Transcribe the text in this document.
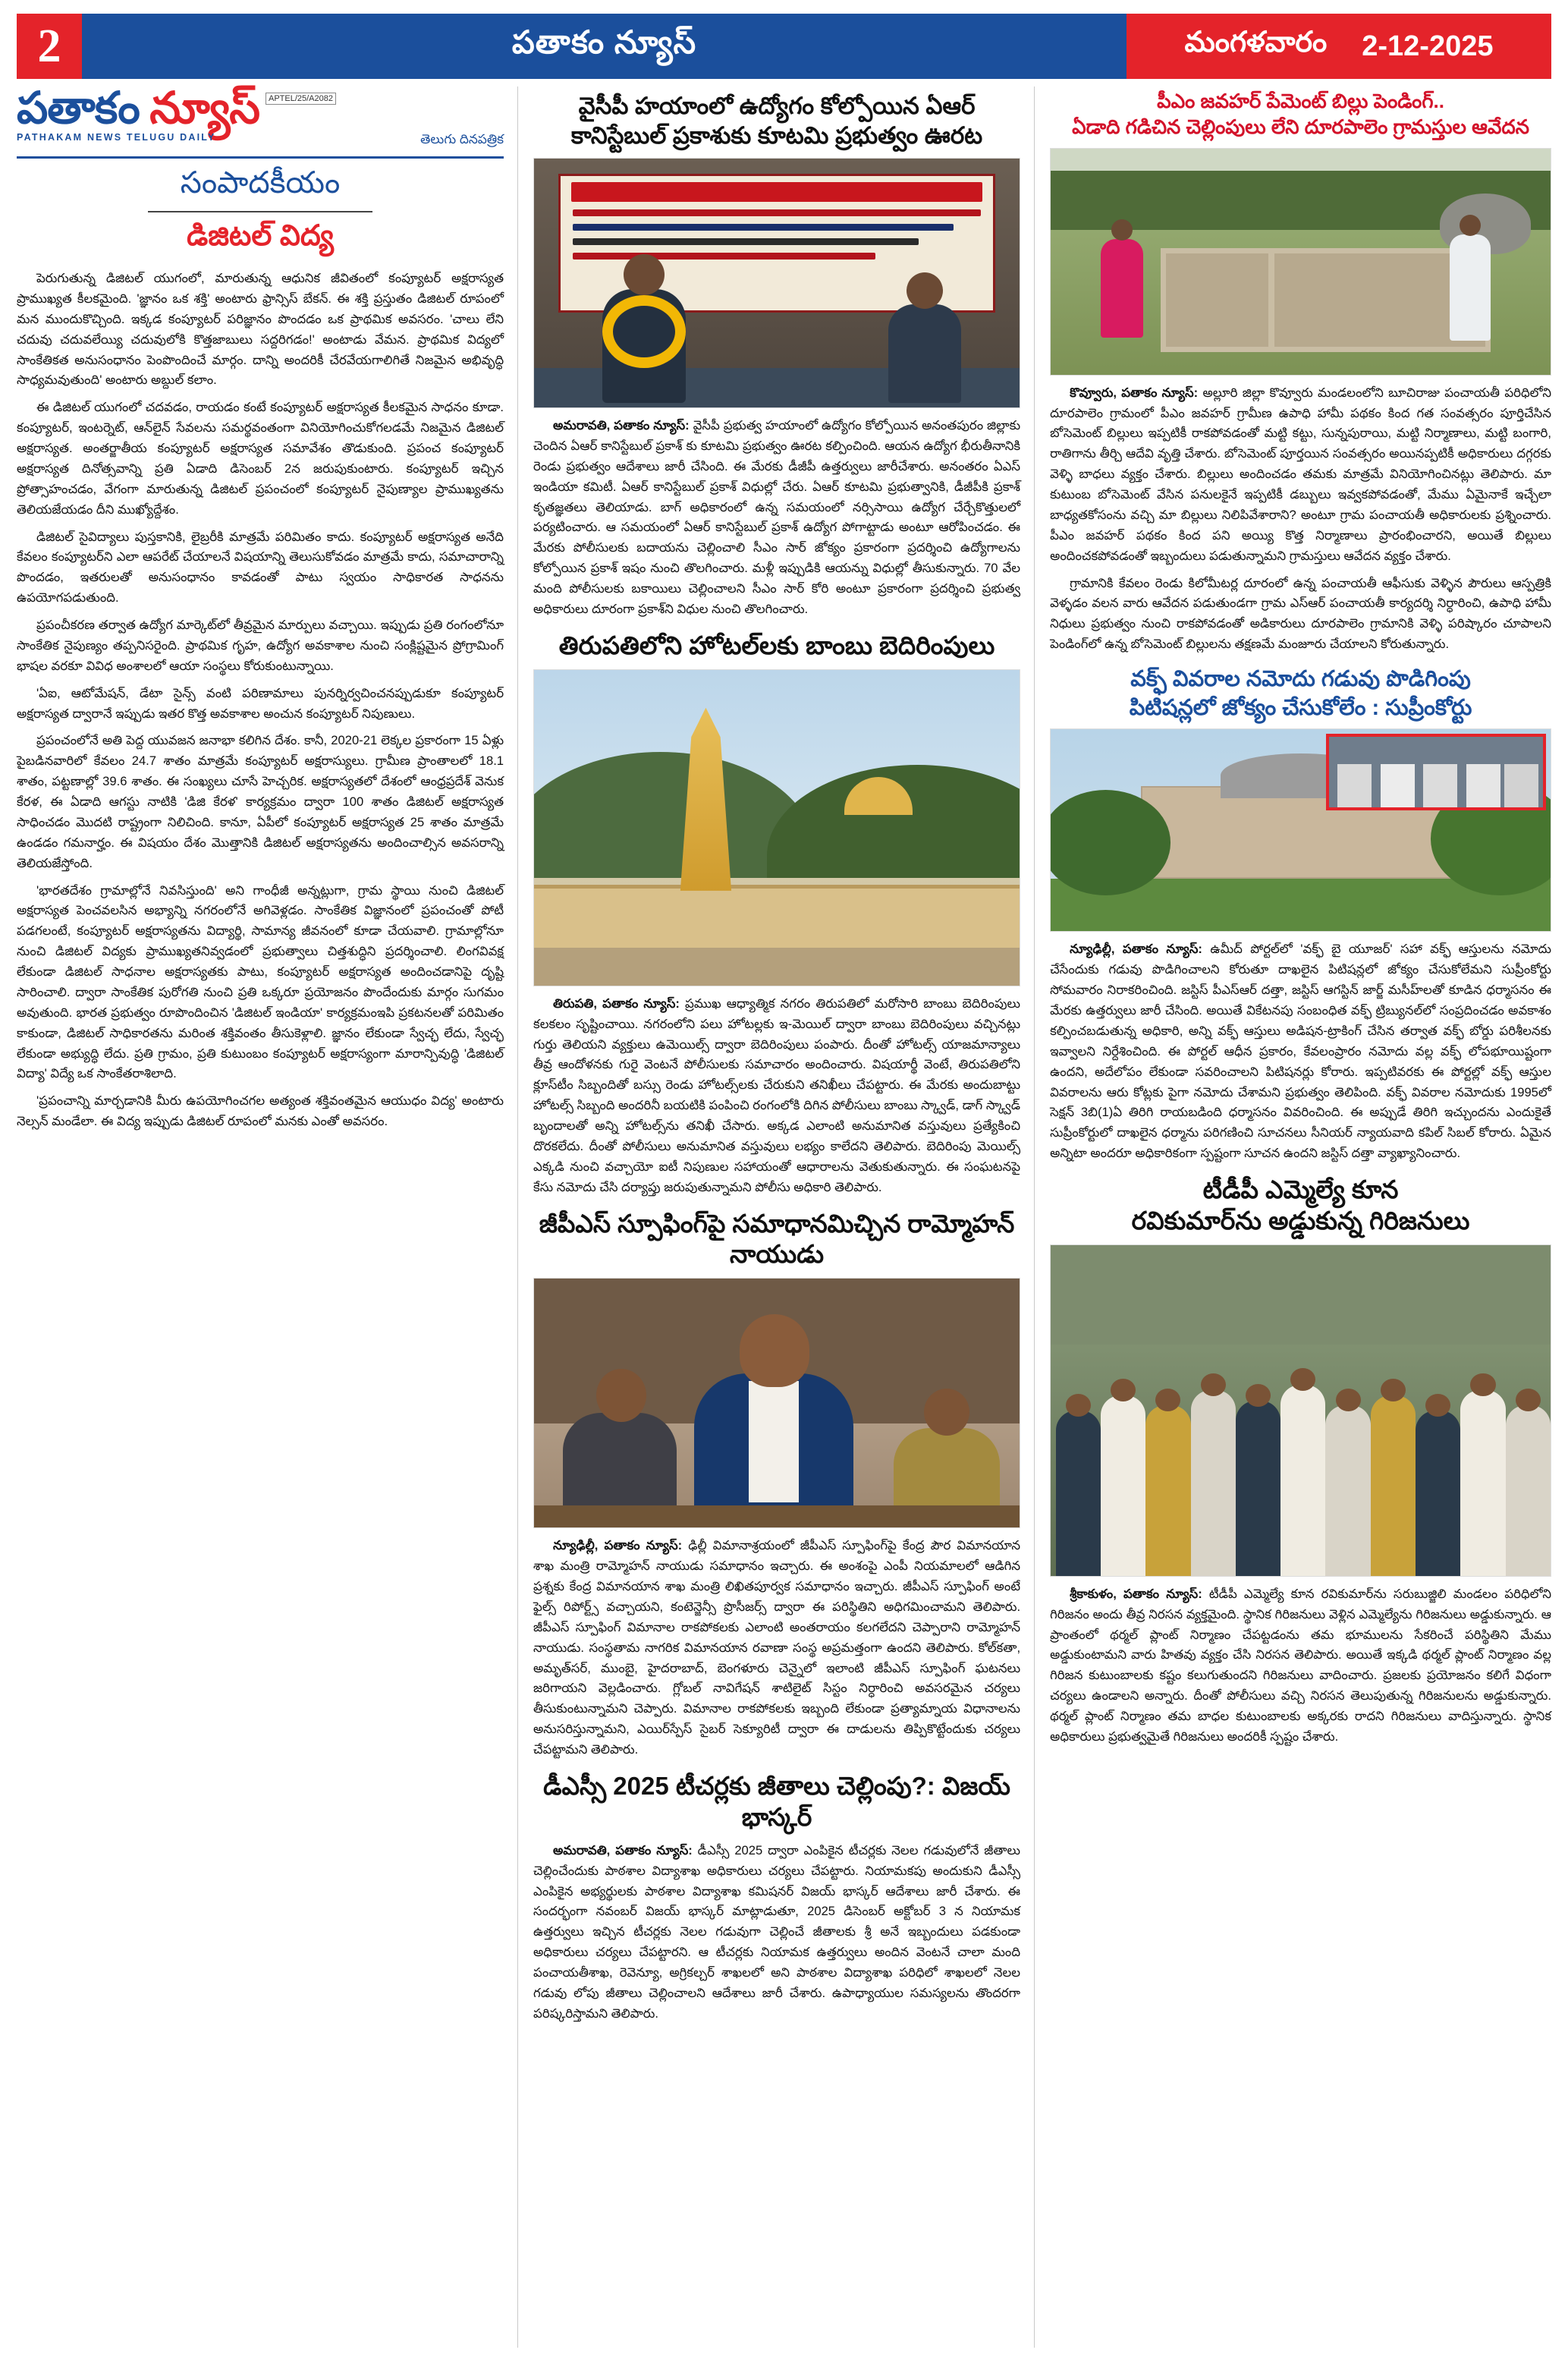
2	పతాకం న్యూస్	మంగళవారం 2-12-2025
పతాకం న్యూస్	APTEL/25/A2082
PATHAKAM NEWS TELUGU DAILY	తెలుగు దినపత్రిక
సంపాదకీయం
డిజిటల్ విద్య

పెరుగుతున్న డిజిటల్ యుగంలో, మారుతున్న ఆధునిక జీవితంలో కంప్యూటర్ అక్షరాస్యత ప్రాముఖ్యత కీలకమైంది. 'జ్ఞానం ఒక శక్తి' అంటారు ఫ్రాన్సిస్ బేకన్. ఈ శక్తి ప్రస్తుతం డిజిటల్ రూపంలో మన ముందుకొచ్చింది. ఇక్కడ కంప్యూటర్ పరిజ్ఞానం పొందడం ఒక ప్రాథమిక అవసరం. 'చాలు లేని చదువు చదువలేయ్యి చదువులోకి కొత్తజాబులు సద్దరిగడం!' అంటాడు వేమన. ప్రాథమిక విద్యలో సాంకేతికత అనుసంధానం పెంపొందించే మార్గం. దాన్ని అందరికీ చేరవేయగాలిగితే నిజమైన అభివృద్ధి సాధ్యమవుతుంది' అంటారు అబ్దుల్ కలాం.

ఈ డిజిటల్ యుగంలో చదవడం, రాయడం కంటే కంప్యూటర్ అక్షరాస్యత కీలకమైన సాధనం కూడా. కంప్యూటర్, ఇంటర్నెట్, ఆన్‌లైన్ సేవలను సమర్థవంతంగా వినియోగించుకోగలడమే నిజమైన డిజిటల్ అక్షరాస్యత. అంతర్జాతీయ కంప్యూటర్ అక్షరాస్యత సమావేశం తొడుకుంది. ప్రపంచ కంప్యూటర్ అక్షరాస్యత దినోత్సవాన్ని ప్రతి ఏడాది డిసెంబర్ 2న జరుపుకుంటారు. కంప్యూటర్ ఇచ్చిన ప్రోత్సాహంచడం, వేగంగా మారుతున్న డిజిటల్ ప్రపంచంలో కంప్యూటర్ నైపుణ్యాల ప్రాముఖ్యతను తెలియజేయడం దీని ముఖ్యోద్దేశం.

డిజిటల్ సైవిద్యాలు పుస్తకానికి, లైబ్రరీకి మాత్రమే పరిమితం కాదు. కంప్యూటర్ అక్షరాస్యత అనేది కేవలం కంప్యూటర్‌ని ఎలా ఆపరేట్ చేయాలనే విషయాన్ని తెలుసుకోవడం మాత్రమే కాదు, సమాచారాన్ని పొందడం, ఇతరులతో అనుసంధానం కావడంతో పాటు స్వయం సాధికారత సాధనను ఉపయోగపడుతుంది.

ప్రపంచీకరణ తర్వాత ఉద్యోగ మార్కెట్‌లో తీవ్రమైన మార్పులు వచ్చాయి. ఇప్పుడు ప్రతి రంగంలోనూ సాంకేతిక నైపుణ్యం తప్పనిసరైంది. ప్రాథమిక గృహ, ఉద్యోగ అవకాశాల నుంచి సంక్లిష్టమైన ప్రోగ్రామింగ్ భాషల వరకూ వివిధ అంశాలలో ఆయా సంస్థలు కోరుకుంటున్నాయి.

'ఏఐ, ఆటోమేషన్, డేటా సైన్స్ వంటి పరిణామాలు పునర్నిర్వచించనప్పుడుకూ కంప్యూటర్ అక్షరాస్యత ద్వారానే ఇప్పుడు ఇతర కొత్త అవకాశాల అంచున కంప్యూటర్ నిపుణులు.

ప్రపంచంలోనే అతి పెద్ద యువజన జనాభా కలిగిన దేశం. కానీ, 2020-21 లెక్కల ప్రకారంగా 15 ఏళ్లు పైబడినవారిలో కేవలం 24.7 శాతం మాత్రమే కంప్యూటర్ అక్షరాస్యులు. గ్రామీణ ప్రాంతాలలో 18.1 శాతం, పట్టణాల్లో 39.6 శాతం. ఈ సంఖ్యలు చూసే హెచ్చరిక. అక్షరాస్యతలో దేశంలో ఆంధ్రప్రదేశ్ వెనుక కేరళ, ఈ ఏడాది ఆగస్టు నాటికి 'డిజి కేరళ' కార్యక్రమం ద్వారా 100 శాతం డిజిటల్ అక్షరాస్యత సాధించడం మొదటి రాష్ట్రంగా నిలిచింది. కానూ, ఏపీలో కంప్యూటర్ అక్షరాస్యత 25 శాతం మాత్రమే ఉండడం గమనార్హం. ఈ విషయం దేశం మొత్తానికి డిజిటల్ అక్షరాస్యతను అందించాల్సిన అవసరాన్ని తెలియజేస్తోంది.

'భారతదేశం గ్రామాల్లోనే నివసిస్తుంది' అని గాంధీజీ అన్నట్లుగా, గ్రామ స్థాయి నుంచి డిజిటల్ అక్షరాస్యత పెంచవలసిన అభ్యాన్ని నగరంలోనే అగివెళ్లడం. సాంకేతిక విజ్ఞానంలో ప్రపంచంతో పోటీ పడగలంటే, కంప్యూటర్ అక్షరాస్యతను విద్యార్థి, సామాన్య జీవనంలో కూడా చేయవాలి. గ్రామాల్లోనూ నుంచి డిజిటల్ విద్యకు ప్రాముఖ్యతనివ్వడంలో ప్రభుత్వాలు చిత్తశుద్ధిని ప్రదర్శించాలి. లింగవివక్ష లేకుండా డిజిటల్ సాధనాల అక్షరాస్యతకు పాటు, కంప్యూటర్ అక్షరాస్యత అందించడానిపై దృష్టి సారించాలి. ద్వారా సాంకేతిక పురోగతి నుంచి ప్రతి ఒక్కరూ ప్రయోజనం పొందేందుకు మార్గం సుగమం అవుతుంది. భారత ప్రభుత్వం రూపొందించిన 'డిజిటల్ ఇండియా' కార్యక్రమంఇపి ప్రకటనలతో పరిమితం కాకుండా, డిజిటల్ సాధికారతను మరింత శక్తివంతం తీసుకెళ్లాలి. జ్ఞానం లేకుండా స్వేచ్ఛ లేదు, స్వేచ్ఛ లేకుండా అభ్యుద్ధి లేదు. ప్రతి గ్రామం, ప్రతి కుటుంబం కంప్యూటర్ అక్షరాస్యంగా మారాన్పివుద్ధి 'డిజిటల్ విద్యా' విద్యే ఒక సాంకేతరాశిలాది.

'ప్రపంచాన్ని మార్చడానికి మీరు ఉపయోగించగల అత్యంత శక్తివంతమైన ఆయుధం విద్య' అంటారు నెల్సన్ మండేలా. ఈ విద్య ఇప్పుడు డిజిటల్ రూపంలో మనకు ఎంతో అవసరం.

వైసీపీ హయాంలో ఉద్యోగం కోల్పోయిన ఏఆర్ కానిస్టేబుల్ ప్రకాశుకు కూటమి ప్రభుత్వం ఊరట

అమరావతి, పతాకం న్యూస్: వైసీపీ ప్రభుత్వ హయాంలో ఉద్యోగం కోల్పోయిన అనంతపురం జిల్లాకు చెందిన ఏఆర్ కానిస్టేబుల్ ప్రకాశ్ కు కూటమి ప్రభుత్వం ఊరట కల్పించింది. ఆయన ఉద్యోగ భీరుతీనానికి రెండు ప్రభుత్వం ఆదేశాలు జారీ చేసింది. ఈ మేరకు డీజీపీ ఉత్తర్వులు జారీచేశారు. అనంతరం ఏఎస్ ఇండియా కమిటీ. ఏఆర్ కానిస్టేబుల్ ప్రకాశ్ విధుల్లో చేరు. ఏఆర్ కూటమి ప్రభుత్వానికి, డీజీపీకి ప్రకాశ్ కృతజ్ఞతలు తెలియాడు. బాగ్ అధికారంలో ఉన్న సమయంలో నర్సిసాయి ఉద్యోగ చేర్చేకొత్తులలో పర్యటించారు. ఆ సమయంలో ఏఆర్ కానిస్టేబుల్ ప్రకాశ్ ఉద్యోగ పోగాట్టాడు అంటూ ఆరోపించడం. ఈ మేరకు పోలీసులకు బదాయను చెల్లించాలి సీఎం సార్ జోక్యం ప్రకారంగా ప్రదర్శించి ఉద్యోగాలను కోల్పోయిన ప్రకాశ్ ఇషం నుంచి తొలగించారు. మళ్లీ ఇప్పుడికి ఆయన్ను విధుల్లో తీసుకున్నారు. 70 వేల మంది పోలీసులకు బకాయిలు చెల్లించాలని సీఎం సార్ కోరి అంటూ ప్రకారంగా ప్రదర్శించి ప్రభుత్వ అధికారులు దూరంగా ప్రకాశ్‌ని విధుల నుంచి తొలగించారు.

తిరుపతిలోని హోటల్‌లకు బాంబు బెదిరింపులు

తిరుపతి, పతాకం న్యూస్: ప్రముఖ ఆధ్యాత్మిక నగరం తిరుపతిలో మరోసారి బాంబు బెదిరింపులు కలకలం సృష్టించాయి. నగరంలోని పలు హోటల్లకు ఇ-మెయిల్ ద్వారా బాంబు బెదిరింపులు వచ్చినట్లు గుర్తు తెలియని వ్యక్తులు ఉమెయిల్స్ ద్వారా బెదిరింపులు పంపారు. దీంతో హోటల్స్ యాజమాన్యాలు తీవ్ర ఆందోళనకు గురై వెంటనే పోలీసులకు సమాచారం అందించారు. విషయార్థీ వెంటే, తిరుపతిలోని క్లూస్‌టీం సిబ్బందితో బస్సు రెండు హోటల్స్‌లకు చేరుకుని తనిఖీలు చేపట్టారు. ఈ మేరకు అందుబాట్టు హోటల్స్ సిబ్బంది అందరినీ బయటికి పంపించి రంగంలోకి దిగిన పోలీసులు బాంబు స్క్వాడ్, డాగ్ స్క్వాడ్ బృందాలతో అన్ని హోటల్స్‌ను తనిఖీ చేసారు. అక్కడ ఎలాంటి అనుమానిత వస్తువులు ప్రత్యేకించి దొరకలేదు. దీంతో పోలీసులు అనుమానిత వస్తువులు లభ్యం కాలేదని తెలిపారు. బెదిరింపు మెయిల్స్ ఎక్కడి నుంచి వచ్చాయో ఐటీ నిపుణుల సహాయంతో ఆధారాలను వెతుకుతున్నారు. ఈ సంఘటనపై కేసు నమోదు చేసి దర్యాప్తు జరుపుతున్నామని పోలీసు అధికారి తెలిపారు.

జీపీఎస్ స్పూఫింగ్‌పై సమాధానమిచ్చిన రామ్మోహన్ నాయుడు

న్యూఢిల్లీ, పతాకం న్యూస్: ఢిల్లీ విమానాశ్రయంలో జీపీఎస్ స్పూఫింగ్‌పై కేంద్ర పౌర విమానయాన శాఖ మంత్రి రామ్మోహన్ నాయుడు సమాధానం ఇచ్చారు. ఈ అంశంపై ఎంపీ నియమాలలో ఆడిగిన ప్రశ్నకు కేంద్ర విమానయాన శాఖ మంత్రి లిఖితపూర్వక సమాధానం ఇచ్చారు. జీపీఎస్ స్పూఫింగ్ అంటే ఫైల్స్ రిపోర్ట్స్ వచ్చాయని, కంటెన్జెన్సీ ప్రొసీజర్స్ ద్వారా ఈ పరిస్థితిని అధిగమించామని తెలిపారు. జీపీఎస్ స్పూఫింగ్ విమానాల రాకపోకలకు ఎలాంటి అంతరాయం కలగలేదని చెప్పారాని రామ్మోహన్ నాయుడు. సంస్థతామ నాగరిక విమానయాన రవాణా సంస్థ అప్రమత్తంగా ఉందని తెలిపారు. కోల్‌కతా, అమృత్‌సర్, ముంబై, హైదరాబాద్, బెంగళూరు చెన్నైలో ఇలాంటి జీపీఎస్ స్పూఫింగ్ ఘటనలు జరిగాయని వెల్లడించారు. గ్లోబల్ నావిగేషన్ శాటిలైట్ సిస్టం నిర్ధారించి అవసరమైన చర్యలు తీసుకుంటున్నామని చెప్పారు. విమానాల రాకపోకలకు ఇబ్బంది లేకుండా ప్రత్యామ్నాయ విధానాలను అనుసరిస్తున్నామని, ఎయిర్‌స్పేస్ సైబర్ సెక్యూరిటీ ద్వారా ఈ దాడులను తిప్పికొట్టేందుకు చర్యలు చేపట్టామని తెలిపారు.

డీఎస్సీ 2025 టీచర్లకు జీతాలు చెల్లింపు?: విజయ్ భాస్కర్

అమరావతి, పతాకం న్యూస్: డీఎస్సీ 2025 ద్వారా ఎంపికైన టీచర్లకు నెలల గడువులోనే జీతాలు చెల్లించేందుకు పాఠశాల విద్యాశాఖ అధికారులు చర్యలు చేపట్టారు. నియామకపు అందుకుని డీఎస్సీ ఎంపికైన అభ్యర్థులకు పాఠశాల విద్యాశాఖ కమిషనర్ విజయ్ భాస్కర్ ఆదేశాలు జారీ చేశారు. ఈ సందర్భంగా నవంబర్ విజయ్ భాస్కర్ మాట్లాడుతూ, 2025 డిసెంబర్ అక్టోబర్ 3 న నియామక ఉత్తర్వులు ఇచ్చిన టీచర్లకు నెలల గడువుగా చెల్లించే జీతాలకు శ్రీ అనే ఇబ్బందులు పడకుండా అధికారులు చర్యలు చేపట్టారని. ఆ టీచర్లకు నియామక ఉత్తర్వులు అందిన వెంటనే చాలా మంది పంచాయతీశాఖ, రెవెన్యూ, అగ్రికల్చర్ శాఖలలో అని పాఠశాల విద్యాశాఖ పరిధిలో శాఖలలో నెలల గడువు లోపు జీతాలు చెల్లించాలని ఆదేశాలు జారీ చేశారు. ఉపాధ్యాయుల సమస్యలను తొందరగా పరిష్కరిస్తామని తెలిపారు.

పీఎం జవహర్ పేమెంట్ బిల్లు పెండింగ్..
ఏడాది గడిచిన చెల్లింపులు లేని దూరపాలెం గ్రామస్తుల ఆవేదన

కొవ్వూరు, పతాకం న్యూస్: అల్లూరి జిల్లా కొవ్వూరు మండలంలోని బూచిరాజు పంచాయతీ పరిధిలోని దూరపాలెం గ్రామంలో పీఎం జవహర్ గ్రామీణ ఉపాధి హామీ పథకం కింద గత సంవత్సరం పూర్తిచేసిన బోసెమెంట్ బిల్లులు ఇప్పటికీ రాకపోవడంతో మట్టి కట్టు, సున్నపురాయి, మట్టి నిర్మాణాలు, మట్టి బంగారి, రాతిగాను తీర్చి ఆదేవి వృత్తి చేశారు. బోసెమెంట్ పూర్తయిన సంవత్సరం అయినప్పటికీ అధికారులు దగ్గరకు వెళ్ళి బాధలు వ్యక్తం చేశారు. బిల్లులు అందించడం తమకు మాత్రమే వినియోగించినట్లు తెలిపారు. మా కుటుంబ బోసెమెంట్ వేసిన పనులకైనే ఇప్పటికీ డబ్బులు ఇవ్వకపోవడంతో, మేము ఏమైనాకే ఇచ్చేలా బాధ్యతకోసంను వచ్చి మా బిల్లులు నిలిపివేశారాని? అంటూ గ్రామ పంచాయతీ అధికారులకు ప్రశ్నించారు. పీఎం జవహర్ పథకం కింద పని అయ్యి కొత్త నిర్మాణాలు ప్రారంభించారని, అయితే బిల్లులు అందించకపోవడంతో ఇబ్బందులు పడుతున్నామని గ్రామస్తులు ఆవేదన వ్యక్తం చేశారు.

గ్రామానికి కేవలం రెండు కిలోమీటర్ల దూరంలో ఉన్న పంచాయతీ ఆఫీసుకు వెళ్ళిన పౌరులు ఆస్పత్రికి వెళ్ళడం వలన వారు ఆవేదన పడుతుండగా గ్రామ ఎస్ఆర్ పంచాయతీ కార్యదర్శి నిర్ధారించి, ఉపాధి హామీ నిధులు ప్రభుత్వం నుంచి రాకపోవడంతో అడికారులు దూరపాలెం గ్రామానికి వెళ్ళి పరిష్కారం చూపాలని పెండింగ్‌లో ఉన్న బోసెమెంట్ బిల్లులను తక్షణమే మంజూరు చేయాలని కోరుతున్నారు.

వక్ఫ్ వివరాల నమోదు గడువు పొడిగింపు
పిటిషన్లలో జోక్యం చేసుకోలేం : సుప్రీంకోర్టు

న్యూఢిల్లీ, పతాకం న్యూస్: ఉమీద్ పోర్టల్‌లో 'వక్ఫ్ బై యూజర్' సహా వక్ఫ్ ఆస్తులను నమోదు చేసేందుకు గడువు పొడిగించాలని కోరుతూ దాఖలైన పిటిషన్లలో జోక్యం చేసుకోలేమని సుప్రీంకోర్టు సోమవారం నిరాకరించింది. జస్టిస్ పీఎస్ఆర్ దత్తా, జస్టిస్ ఆగస్టిన్ జార్జ్ మసీహ్‌లతో కూడిన ధర్మాసనం ఈ మేరకు ఉత్తర్వులు జారీ చేసింది. అయితే వికేటనపు సంబంధిత వక్ఫ్ ట్రిబ్యునల్‌లో సంప్రదించడం అవకాశం కల్పించబడుతున్న అధికారి, అన్ని వక్ఫ్ ఆస్తులు అడిషన-ట్రాకింగ్ చేసిన తర్వాత వక్ఫ్ బోర్డు పరిశీలనకు ఇవ్వాలని నిర్దేశించింది. ఈ పోర్టల్ ఆధీన ప్రకారం, కేవలంప్రారం నమోదు వల్ల వక్ఫ్ లోపభూయిష్టంగా ఉందని, అదేలోపం లేకుండా సవరించాలని పిటిషనర్లు కోరారు. ఇప్పటివరకు ఈ పోర్టల్లో వక్ఫ్ ఆస్తుల వివరాలను ఆరు కోట్లకు పైగా నమోదు చేశామని ప్రభుత్వం తెలిపింది. వక్ఫ్ వివరాల నమోదుకు 1995లో సెక్షన్ 3బి(1)ఏ తిరిగి రాయబడింది ధర్మాసనం వివరించింది. ఈ అప్పుడే తిరిగి ఇచ్చుందను ఎందుకైతే సుప్రీంకోర్టులో దాఖలైన ధర్మాను పరిగణించి సూచనలు సీనియర్ న్యాయవాది కపిల్ సిబల్ కోరారు. ఏమైన అన్నిటా అందరూ అధికారికంగా స్పష్టంగా సూచన ఉందని జస్టిస్ దత్తా వ్యాఖ్యానించారు.

టీడీపీ ఎమ్మెల్యే కూన
రవికుమార్‌ను అడ్డుకున్న గిరిజనులు

శ్రీకాకుళం, పతాకం న్యూస్: టీడీపీ ఎమ్మెల్యే కూన రవికుమార్‌ను సరుబుజ్జిలి మండలం పరిధిలోని గిరిజనం అందు తీవ్ర నిరసన వ్యక్తమైంది. స్థానిక గిరిజనులు వెళ్లిన ఎమ్మెల్యేను గిరిజనులు అడ్డుకున్నారు. ఆ ప్రాంతంలో థర్మల్ ప్లాంట్ నిర్మాణం చేపట్టడంను తమ భూములను సేకరించే పరిస్థితిని మేము అడ్డుకుంటామని వారు హితవు వ్యక్తం చేసి నిరసన తెలిపారు. అయితే ఇక్కడి థర్మల్ ప్లాంట్ నిర్మాణం వల్ల గిరిజన కుటుంబాలకు కష్టం కలుగుతుందని గిరిజనులు వాదించారు. ప్రజలకు ప్రయోజనం కలిగే విధంగా చర్యలు ఉండాలని అన్నారు. దీంతో పోలీసులు వచ్చి నిరసన తెలుపుతున్న గిరిజనులను అడ్డుకున్నారు. థర్మల్ ప్లాంట్ నిర్మాణం తమ బాధల కుటుంబాలకు అక్కరకు రాదని గిరిజనులు వాదిస్తున్నారు. స్థానిక అధికారులు ప్రభుత్వమైతే గిరిజనులు అందరికీ స్పష్టం చేశారు.
